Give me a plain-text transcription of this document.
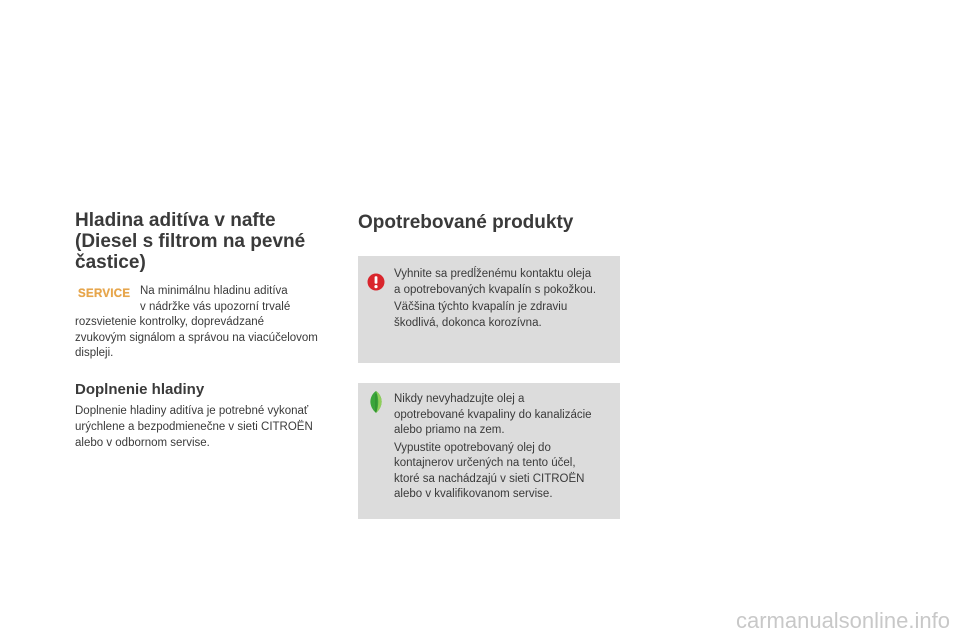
Hladina aditíva v nafte
(Diesel s filtrom na pevné
častice)
SERVICE Na minimálnu hladinu aditíva
v nádržke vás upozorní trvalé
rozsvietenie kontrolky, doprevádzané
zvukovým signálom a správou na viacúčelovom
displeji.
Doplnenie hladiny
Doplnenie hladiny aditíva je potrebné vykonať
urýchlene a bezpodmienečne v sieti CITROËN
alebo v odbornom servise.
Opotrebované produkty
Vyhnite sa predĺženému kontaktu oleja
a opotrebovaných kvapalín s pokožkou.
Väčšina týchto kvapalín je zdraviu
škodlivá, dokonca korozívna.
Nikdy nevyhadzujte olej a
opotrebované kvapaliny do kanalizácie
alebo priamo na zem.
Vypustite opotrebovaný olej do
kontajnerov určených na tento účel,
ktoré sa nachádzajú v sieti CITROËN
alebo v kvalifikovanom servise.
carmanualsonline.info
